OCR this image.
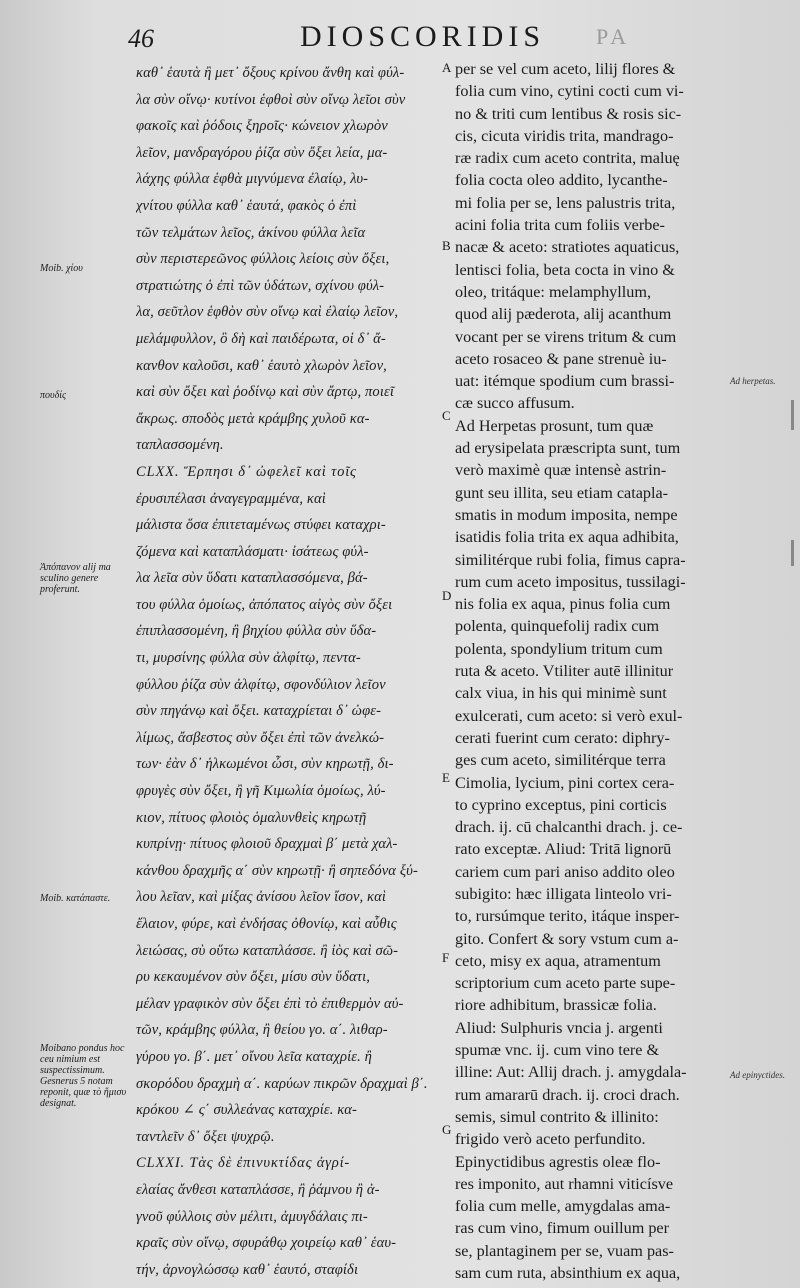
46	DIOSCORIDIS PA
Moib. χίου
πουδίς
Ἀπόπανον alij ma sculino genere proferunt.
Moib. κατάπαστε.
Moibano pondus hoc ceu nimium est suspectissimum. Gesnerus 5 notam reponit, quæ τὸ ἥμισυ designat.
καθ᾽ ἑαυτὰ ἢ μετ᾽ ὄξους κρίνου ἄνθη καὶ φύλ-
λα σὺν οἴνῳ· κυτίνοι ἑφθοὶ σὺν οἴνῳ λεῖοι σὺν
φακοῖς καὶ ῥόδοις ξηροῖς· κώνειον χλωρὸν
λεῖον, μανδραγόρου ῥίζα σὺν ὄξει λεία, μα-
λάχης φύλλα ἑφθὰ μιγνύμενα ἐλαίῳ, λυ-
χνίτου φύλλα καθ᾽ ἑαυτά, φακὸς ὁ ἐπὶ
τῶν τελμάτων λεῖος, ἀκίνου φύλλα λεῖα
σὺν περιστερεῶνος φύλλοις λείοις σὺν ὄξει,
στρατιώτης ὁ ἐπὶ τῶν ὑδάτων, σχίνου φύλ-
λα, σεῦτλον ἑφθὸν σὺν οἴνῳ καὶ ἐλαίῳ λεῖον,
μελάμφυλλον, ὃ δὴ καὶ παιδέρωτα, οἱ δ᾽ ἄ-
κανθον καλοῦσι, καθ᾽ ἑαυτὸ χλωρὸν λεῖον,
καὶ σὺν ὄξει καὶ ῥοδίνῳ καὶ σὺν ἄρτῳ, ποιεῖ
ἄκρως. σποδὸς μετὰ κράμβης χυλοῦ κα-
ταπλασσομένη.
CLXX. Ἕρπησι δ᾽ ὠφελεῖ καὶ τοῖς
ἐρυσιπέλασι ἀναγεγραμμένα, καὶ
μάλιστα ὅσα ἐπιτεταμένως στύφει καταχρι-
ζόμενα καὶ καταπλάσματι· ἰσάτεως φύλ-
λα λεῖα σὺν ὕδατι καταπλασσόμενα, βά-
του φύλλα ὁμοίως, ἀπόπατος αἰγὸς σὺν ὄξει
ἐπιπλασσομένη, ἢ βηχίου φύλλα σὺν ὕδα-
τι, μυρσίνης φύλλα σὺν ἀλφίτῳ, πεντα-
φύλλου ῥίζα σὺν ἀλφίτῳ, σφονδύλιον λεῖον
σὺν πηγάνῳ καὶ ὄξει. καταχρίεται δ᾽ ὠφε-
λίμως, ἄσβεστος σὺν ὄξει ἐπὶ τῶν ἀνελκώ-
των· ἐὰν δ᾽ ἡλκωμένοι ὦσι, σὺν κηρωτῇ, δι-
φρυγὲς σὺν ὄξει, ἢ γῆ Κιμωλία ὁμοίως, λύ-
κιον, πίτυος φλοιὸς ὁμαλυνθεὶς κηρωτῇ
κυπρίνῃ· πίτυος φλοιοῦ δραχμαὶ β΄ μετὰ χαλ-
κάνθου δραχμῆς α΄ σὺν κηρωτῇ· ἢ σηπεδόνα ξύ-
λου λεῖαν, καὶ μίξας ἀνίσου λεῖον ἴσον, καὶ
ἔλαιον, φύρε, καὶ ἐνδήσας ὀθονίῳ, καὶ αὖθις
λειώσας, σὺ οὕτω καταπλάσσε. ἢ ἰὸς καὶ σῶ-
ρυ κεκαυμένον σὺν ὄξει, μίσυ σὺν ὕδατι,
μέλαν γραφικὸν σὺν ὄξει ἐπὶ τὸ ἐπιθερμὸν αὐ-
τῶν, κράμβης φύλλα, ἢ θείου γο. α΄. λιθαρ-
γύρου γο. β΄. μετ᾽ οἴνου λεῖα καταχρίε. ἢ
σκορόδου δραχμὴ α΄. καρύων πικρῶν δραχμαὶ β΄.
κρόκου ∠ ς΄ συλλεάνας καταχρίε. κα-
ταντλεῖν δ᾽ ὄξει ψυχρῷ.
CLXXI. Τὰς δὲ ἐπινυκτίδας ἀγρί-
ελαίας ἄνθεσι καταπλάσσε, ἢ ῥάμνου ἢ ἀ-
γνοῦ φύλλοις σὺν μέλιτι, ἀμυγδάλαις πι-
κραῖς σὺν οἴνῳ, σφυράθῳ χοιρείῳ καθ᾽ ἑαυ-
τήν, ἀρνογλώσσῳ καθ᾽ ἑαυτό, σταφίδι
A
B
C
D
E
F
G
per se vel cum aceto, lilij flores &
folia cum vino, cytini cocti cum vi-
no & triti cum lentibus & rosis sic-
cis, cicuta viridis trita, mandrago-
ræ radix cum aceto contrita, maluę
folia cocta oleo addito, lycanthe-
mi folia per se, lens palustris trita,
acini folia trita cum foliis verbe-
nacæ & aceto: stratiotes aquaticus,
lentisci folia, beta cocta in vino &
oleo, tritáque: melamphyllum,
quod alij pæderota, alij acanthum
vocant per se virens tritum & cum
aceto rosaceo & pane strenuè iu-
uat: itémque spodium cum brassi-
cæ succo affusum.
Ad Herpetas prosunt, tum quæ
ad erysipelata præscripta sunt, tum
verò maximè quæ intensè astrin-
gunt seu illita, seu etiam catapla-
smatis in modum imposita, nempe
isatidis folia trita ex aqua adhibita,
similitérque rubi folia, fimus capra-
rum cum aceto impositus, tussilagi-
nis folia ex aqua, pinus folia cum
polenta, quinquefolij radix cum
polenta, spondylium tritum cum
ruta & aceto. Vtiliter autē illinitur
calx viua, in his qui minimè sunt
exulcerati, cum aceto: si verò exul-
cerati fuerint cum cerato: diphry-
ges cum aceto, similitérque terra
Cimolia, lycium, pini cortex cera-
to cyprino exceptus, pini corticis
drach. ij. cū chalcanthi drach. j. ce-
rato exceptæ. Aliud: Tritā lignorū
cariem cum pari aniso addito oleo
subigito: hæc illigata linteolo vri-
to, rursúmque terito, itáque insper-
gito. Confert & sory vstum cum a-
ceto, misy ex aqua, atramentum
scriptorium cum aceto parte supe-
riore adhibitum, brassicæ folia.
Aliud: Sulphuris vncia j. argenti
spumæ vnc. ij. cum vino tere &
illine: Aut: Allij drach. j. amygdala-
rum amararū drach. ij. croci drach.
semis, simul contrito & illinito:
frigido verò aceto perfundito.
Epinyctidibus agrestis oleæ flo-
res imponito, aut rhamni viticísve
folia cum melle, amygdalas ama-
ras cum vino, fimum ouillum per
se, plantaginem per se, vuam pas-
sam cum ruta, absinthium ex aqua,
Ad herpetas.
Ad epinyctides.
